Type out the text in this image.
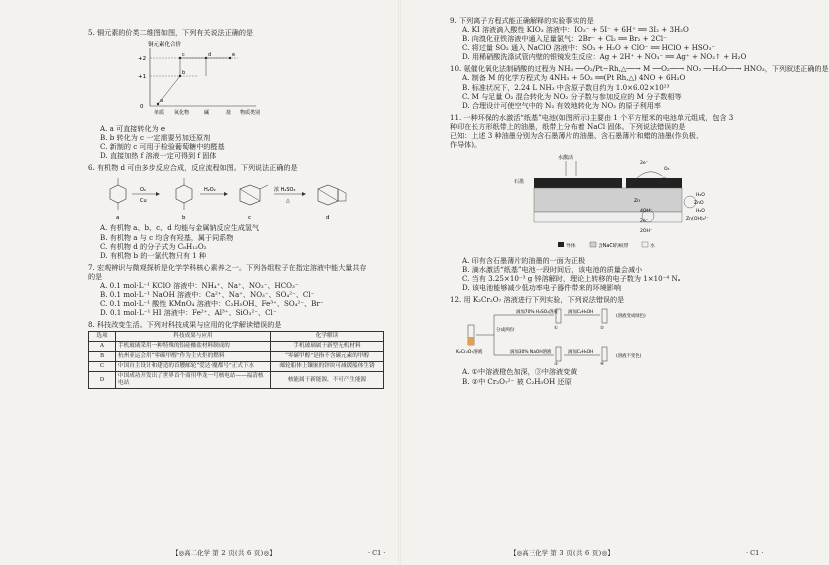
5. 铜元素的价类二维图如图，下列有关说法正确的是

铜元素化合价
+2
+1
0
a
b
c	d	e
单质 氧化物	碱	盐 物质类别

A. a 可直接转化为 e

B. b 转化为 c 一定需要另加还原剂

C. 新制的 c 可用于检验葡萄糖中的醛基

D. 直接加热 f 溶液一定可得到 f 固体

6. 有机物 d 可由多步反应合成，反应流程如图。下列说法正确的是

a
O₂
Cu
b
H₂O₂
c
浓 H₂SO₄
△
d

A. 有机物 a、b、c、d 均能与金属钠反应生成氢气

B. 有机物 a 与 c 均含有羟基，属于同系物

C. 有机物 d 的分子式为 C₈H₁₂O₂

D. 有机物 b 的一氯代物只有 1 种

7. 宏观辨识与微观探析是化学学科核心素养之一。下列各组粒子在指定溶液中能大量共存

的是

A. 0.1 mol·L⁻¹ KClO 溶液中：NH₄⁺、Na⁺、NO₃⁻、HCO₃⁻

B. 0.1 mol·L⁻¹ NaOH 溶液中：Ca²⁺、Na⁺、NO₃⁻、SO₄²⁻、Cl⁻

C. 0.1 mol·L⁻¹ 酸性 KMnO₄ 溶液中：C₂H₅OH、Fe³⁺、SO₄²⁻、Br⁻

D. 0.1 mol·L⁻¹ HI 溶液中：Fe²⁺、Al³⁺、SiO₃²⁻、Cl⁻

8. 科技改变生活。下列对科技成果与应用的化学解读错误的是

选项	科技成果与应用	化学解读
A	手机玻璃采用一种特殊的铝硅酸盐材料制成的	手机玻璃属于新型无机材料
B	杭州亚运会用“零碳甲醇”作为主火炬的燃料	“零碳甲醇”是指不含碳元素的甲醇
C	中国自主设计和建造的首艘邮轮“爱达·魔都号”正式下水	邮轮船体上镶嵌的锌块可减缓船体生锈
D	中国成功开发出了世界首个商用华龙一号核电站——福清核电站	核能属于新能源，不可产生能源
【◎高二化学 第 2 页(共 6 页)◎】	· C1 ·

9. 下列离子方程式能正确解释的实验事实的是

A. KI 溶液滴入酸性 KIO₃ 溶液中：IO₃⁻ + 5I⁻ + 6H⁺ ══ 3I₂ + 3H₂O

B. 向溴化亚铁溶液中通入足量氯气：2Br⁻ + Cl₂ ══ Br₂ + 2Cl⁻

C. 将过量 SO₂ 通入 NaClO 溶液中：SO₂ + H₂O + ClO⁻ ══ HClO + HSO₃⁻

D. 用稀硝酸洗涤试管内壁的银镜发生反应：Ag + 2H⁺ + NO₃⁻ ══ Ag⁺ + NO₂↑ + H₂O

10. 氨催化氧化法制硝酸的过程为 NH₃ ──O₂/Pt−Rh,△──→ M ──O₂──→ NO₂ ──H₂O──→ HNO₃，下列叙述正确的是

A. 制备 M 的化学方程式为 4NH₃ + 5O₂ ══(Pt Rh,△) 4NO + 6H₂O

B. 标准状况下，2.24 L NH₃ 中含原子数目约为 1.0×6.02×10²³

C. M 与足量 O₂ 混合转化为 NO₂ 分子数与参加反应的 M 分子数相等

D. 合理设计可使空气中的 N₂ 有效地转化为 NO₂ 的原子利用率

11. 一种环保的水激活“纸基”电池(如图所示)主要由 1 个平方厘米的电池单元组成，包含 3

种印在长方形纸带上的油墨，纸带上分布着 NaCl 固体。下列说法错误的是

已知：上述 3 种油墨分别为含石墨薄片的油墨、含石墨薄片和蜡的油墨(作负极、

作导体)。

水激活
石墨
2e⁻
O₂
H₂O
Zn	ZnO
H₂O
Zn(OH)₄²⁻
4OH⁻
2e⁻
2OH⁻
导体	含NaCl的纸带	水

A. 印有含石墨薄片的油墨的一面为正极

B. 滴水激活“纸基”电池一段时间后，该电池的质量会减小

C. 当有 3.25×10⁻³ g 锌溶解时，理论上转移的电子数为 1×10⁻⁴ Nₐ

D. 该电池能够减少低功率电子器件带来的环境影响

12. 用 K₂Cr₂O₇ 溶液进行下列实验，下列说法错误的是

K₂Cr₂O₇溶液
分成两份
滴加70% H₂SO₄溶液
①
滴加C₂H₅OH
②
(溶液变成绿色)
滴加30% NaOH溶液
③
滴加C₂H₅OH
④
(溶液不变色)

A. ①中溶液橙色加深，③中溶液变黄

B. ②中 Cr₂O₇²⁻ 被 C₂H₅OH 还原

【◎高三化学 第 3 页(共 6 页)◎】	· C1 ·
